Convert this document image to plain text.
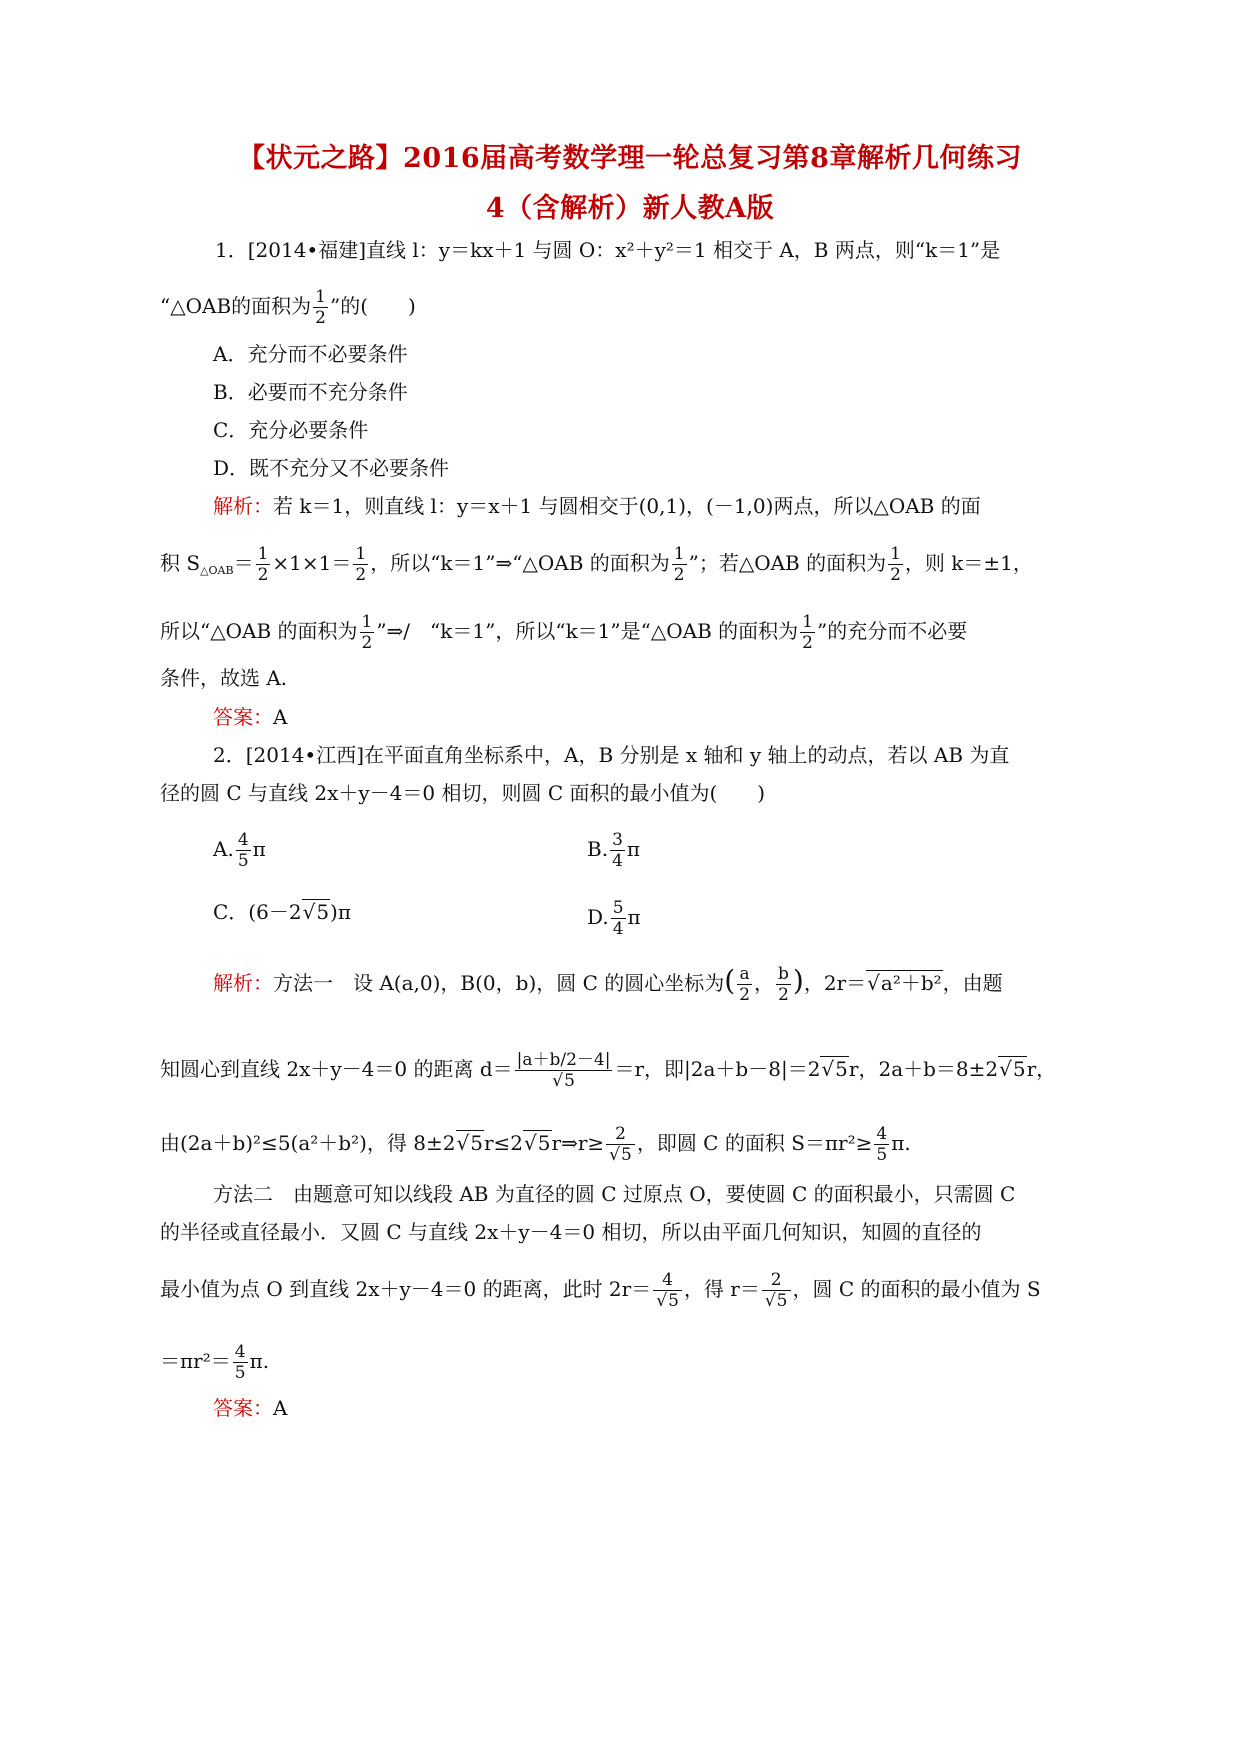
【状元之路】2016届高考数学理一轮总复习第8章解析几何练习
4（含解析）新人教A版
1．[2014•福建]直线 l：y＝kx＋1 与圆 O：x²＋y²＝1 相交于 A，B 两点，则“k＝1”是
“△OAB的面积为 $\frac{1}{2}$ ”的(　　)
A．充分而不必要条件
B．必要而不充分条件
C．充分必要条件
D．既不充分又不必要条件
解析：若 k＝1，则直线 l：y＝x＋1 与圆相交于(0,1)，(－1,0)两点，所以△OAB 的面
积 $S_{\triangle OAB}= \frac{1}{2} \times 1\times 1= \frac{1}{2}$ ，所以“k＝1”⇒“△OAB 的面积为 $\frac{1}{2}$ ”；若△OAB 的面积为 $\frac{1}{2}$ ，则 k＝±1，
所以“△OAB 的面积为 $\frac{1}{2}$ ”⇒/　“k＝1”，所以“k＝1”是“△OAB 的面积为 $\frac{1}{2}$ ”的充分而不必要
条件，故选 A.
答案：A
2．[2014•江西]在平面直角坐标系中，A，B 分别是 x 轴和 y 轴上的动点，若以 AB 为直
径的圆 C 与直线 2x＋y－4＝0 相切，则圆 C 面积的最小值为(　　)
A. $\frac{4}{5}$ π	B. $\frac{3}{4}$ π
C．(6－2 √ 5)π	D. $\frac{5}{4}$ π
解析：方法一　设 A(a,0)，B(0，b)，圆 C 的圆心坐标为( $\frac{a}{2}$ ， $\frac{b}{2}$ )，2r＝ √ a²＋b²，由题
知圆心到直线 2x＋y－4＝0 的距离 d＝ |a＋b/2－4|
√ 5 ＝r，即|2a＋b－8|＝2 √ 5r，2a＋b＝8±2 √ 5r，
由(2a＋b)²≤5(a²＋b²)，得 8±2 √ 5r≤2 √ 5r⇒r≥ 2
√ 5 ，即圆 C 的面积 $S=\pi r^2\ge \frac{4}{5} \pi$.
方法二　由题意可知以线段 AB 为直径的圆 C 过原点 O，要使圆 C 的面积最小，只需圆 C
的半径或直径最小．又圆 C 与直线 2x＋y－4＝0 相切，所以由平面几何知识，知圆的直径的
最小值为点 O 到直线 2x＋y－4＝0 的距离，此时 2r＝ 4
√ 5 ，得 r＝ 2
√ 5 ，圆 C 的面积的最小值为 S
$=\pi r^2= \frac{4}{5} \pi$.
答案：A
